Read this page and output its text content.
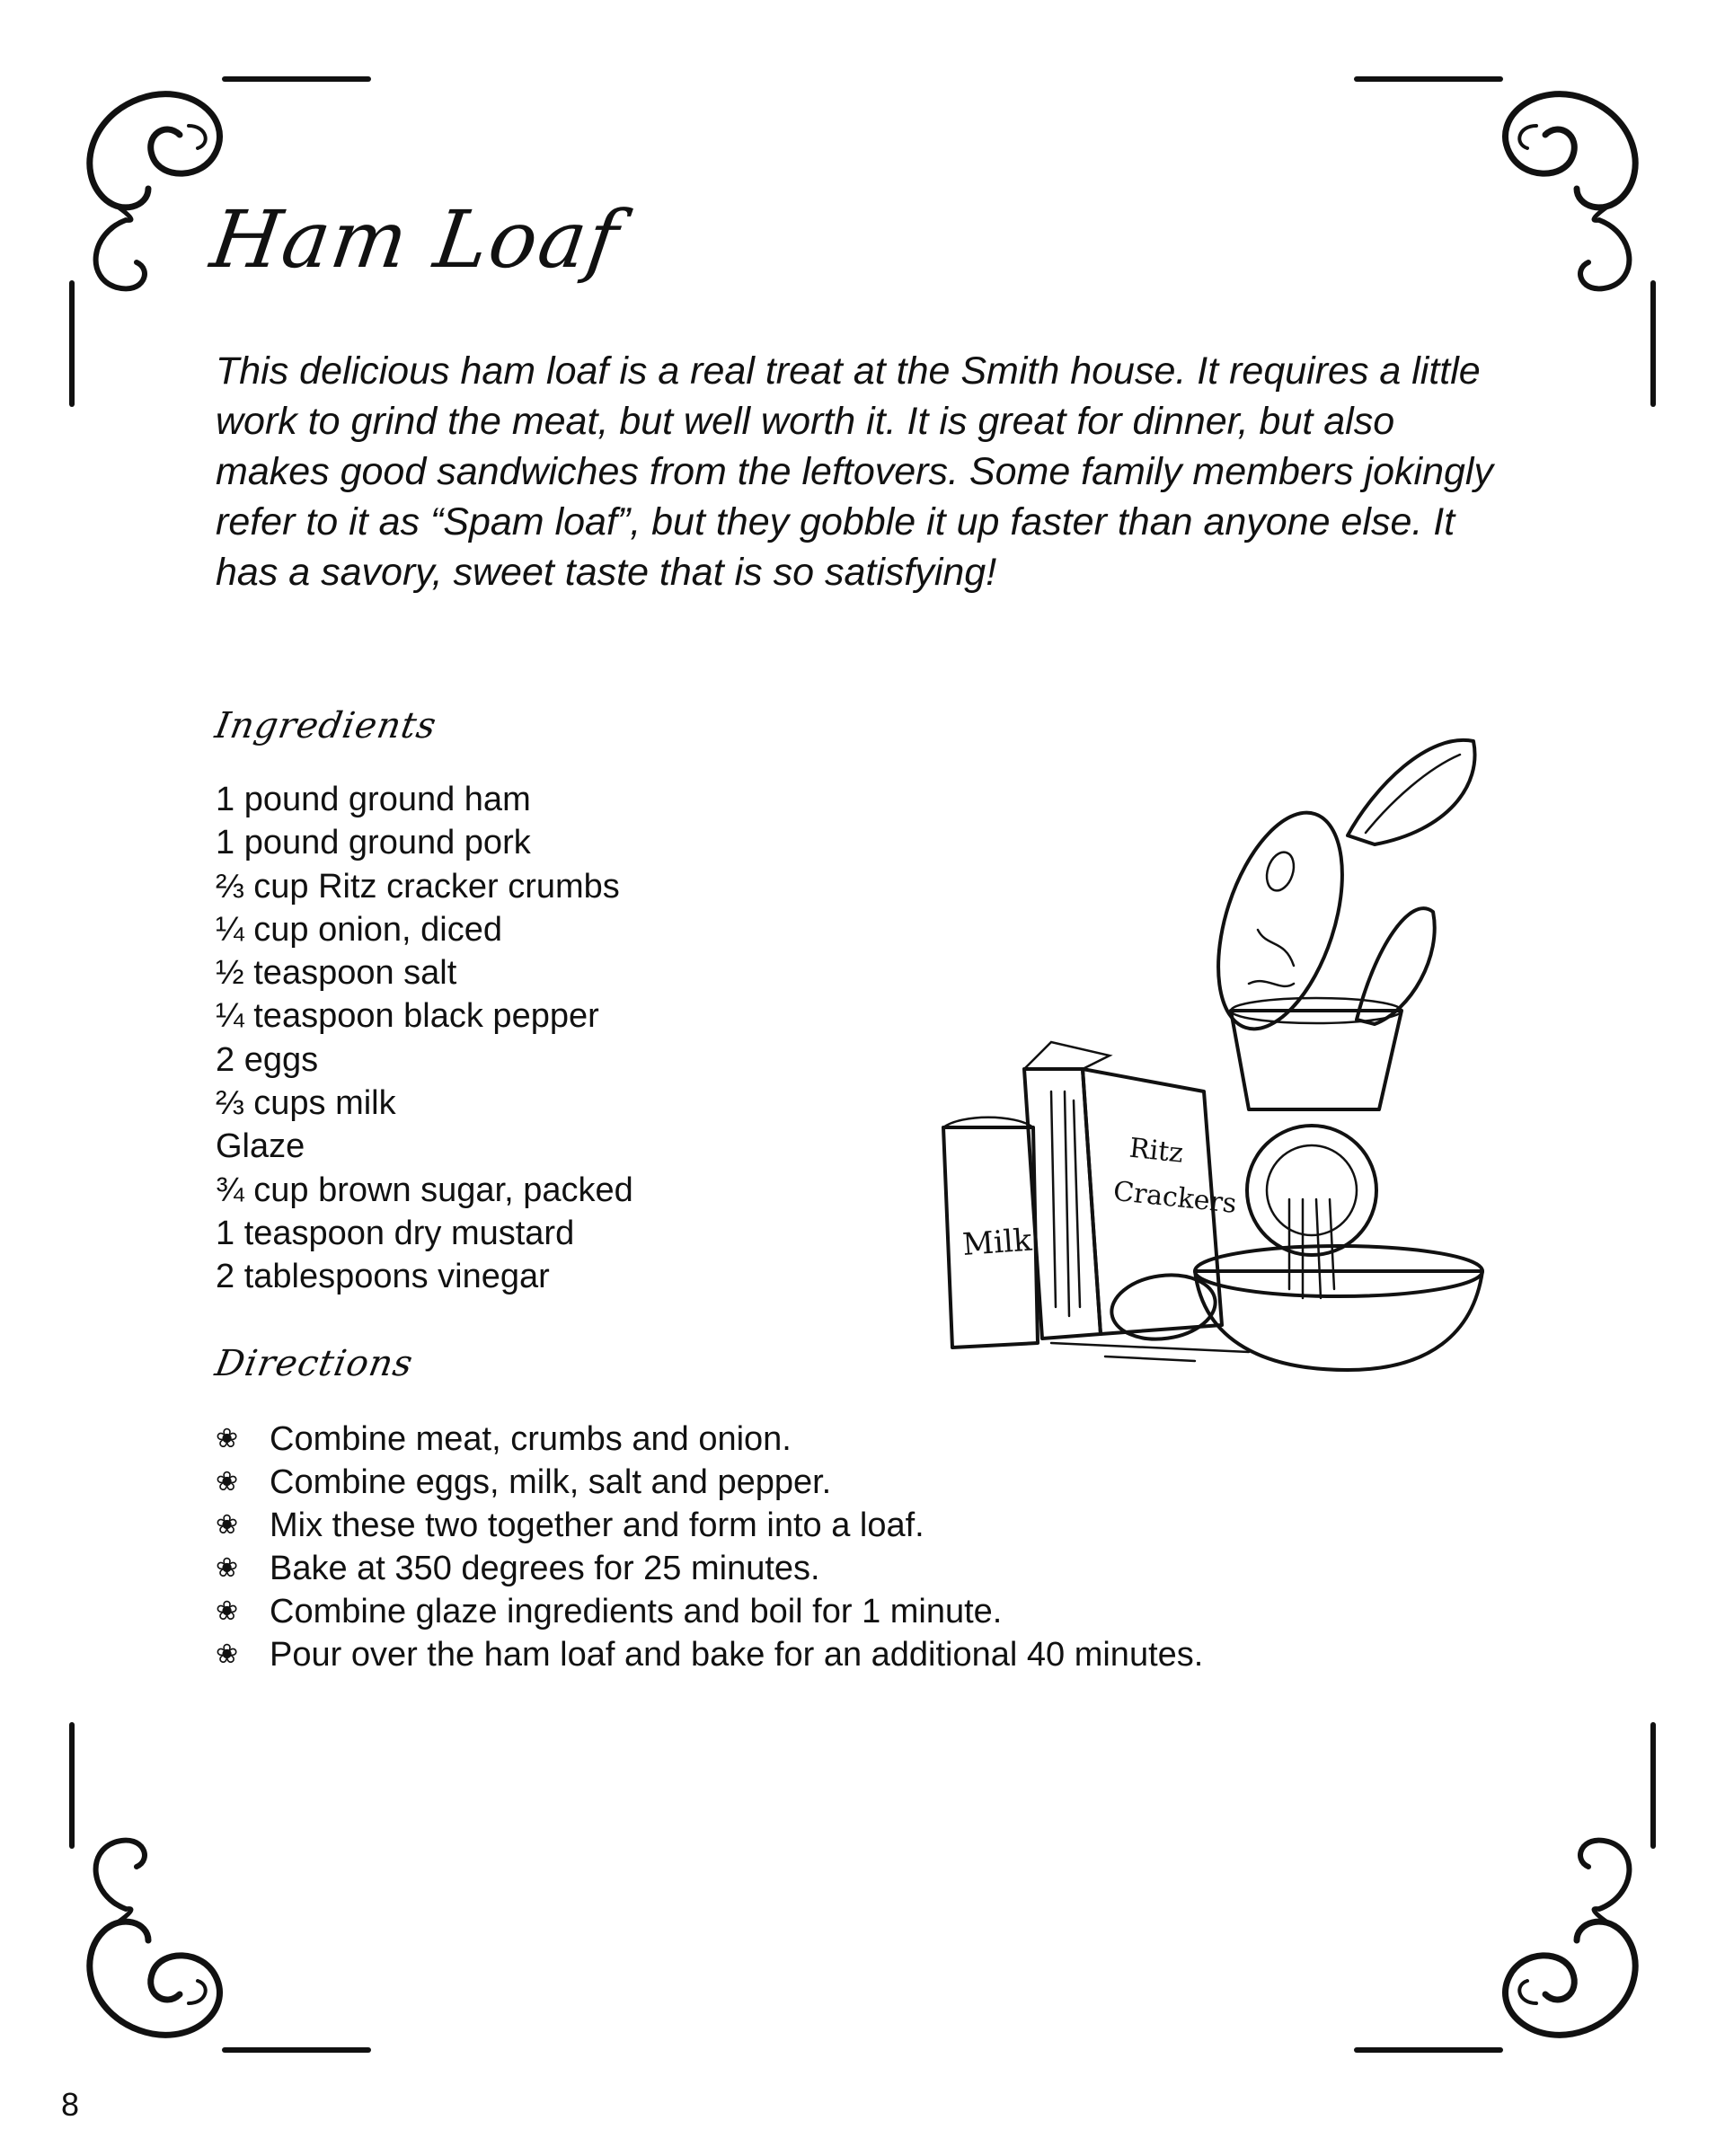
Ham Loaf

This delicious ham loaf is a real treat at the Smith house. It requires a little work to grind the meat, but well worth it. It is great for dinner, but also makes good sandwiches from the leftovers. Some family members jokingly refer to it as “Spam loaf”, but they gobble it up faster than anyone else. It has a savory, sweet taste that is so satisfying!

Ingredients
1 pound ground ham
1 pound ground pork
⅔ cup Ritz cracker crumbs
¼ cup onion, diced
½ teaspoon salt
¼ teaspoon black pepper
2 eggs
⅔ cups milk
Glaze
¾ cup brown sugar, packed
1 teaspoon dry mustard
2 tablespoons vinegar
Milk
Ritz
Crackers
Directions
❀ Combine meat, crumbs and onion.
❀ Combine eggs, milk, salt and pepper.
❀ Mix these two together and form into a loaf.
❀ Bake at 350 degrees for 25 minutes.
❀ Combine glaze ingredients and boil for 1 minute.
❀ Pour over the ham loaf and bake for an additional 40 minutes.

8
